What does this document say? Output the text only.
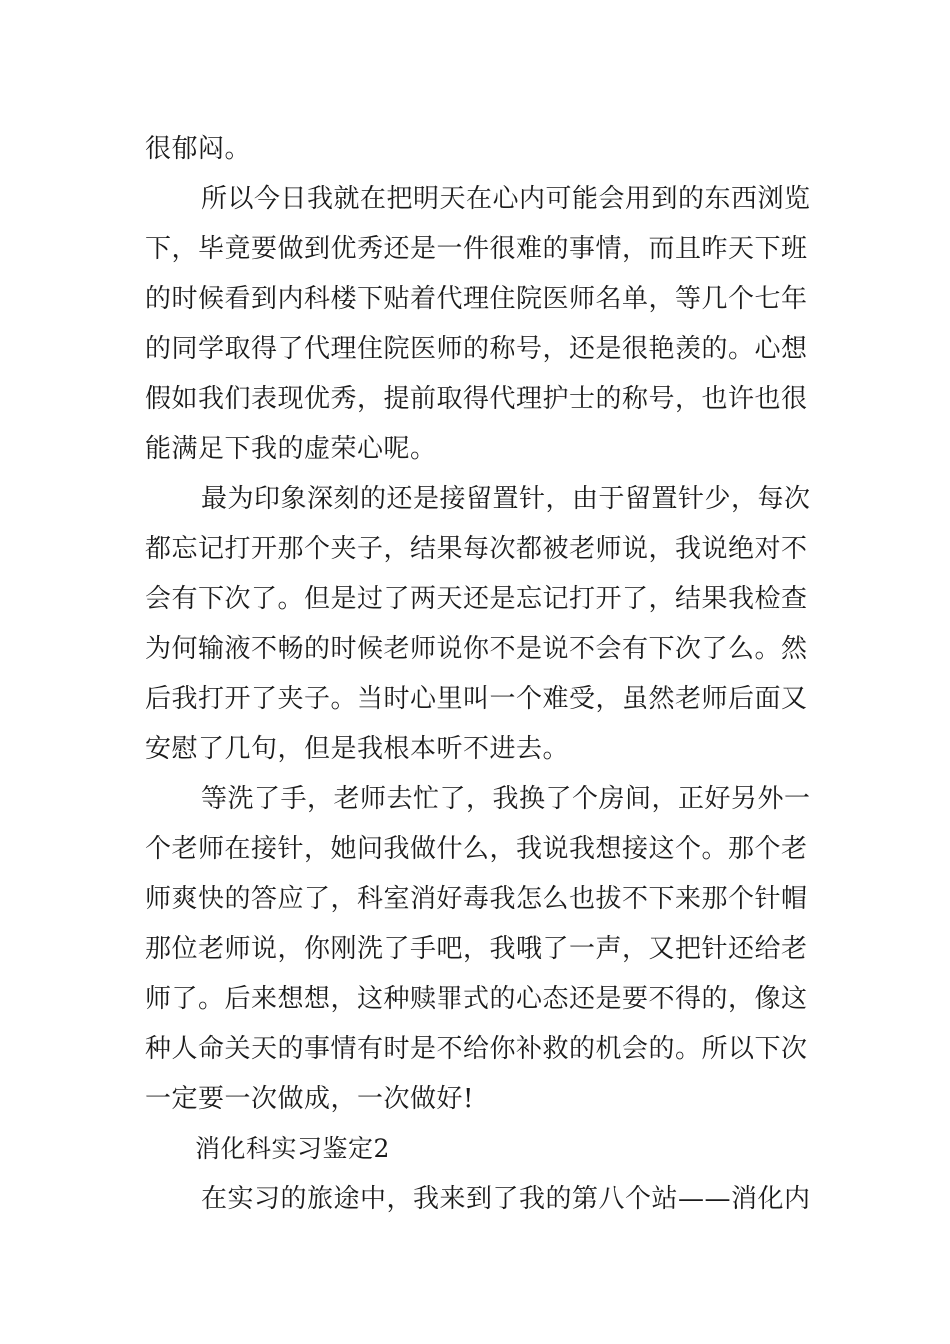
很郁闷。

所以今日我就在把明天在心内可能会用到的东西浏览
下，毕竟要做到优秀还是一件很难的事情，而且昨天下班
的时候看到内科楼下贴着代理住院医师名单，等几个七年
的同学取得了代理住院医师的称号，还是很艳羡的。心想
假如我们表现优秀，提前取得代理护士的称号，也许也很
能满足下我的虚荣心呢。

最为印象深刻的还是接留置针，由于留置针少，每次
都忘记打开那个夹子，结果每次都被老师说，我说绝对不
会有下次了。但是过了两天还是忘记打开了，结果我检查
为何输液不畅的时候老师说你不是说不会有下次了么。然
后我打开了夹子。当时心里叫一个难受，虽然老师后面又
安慰了几句，但是我根本听不进去。

等洗了手，老师去忙了，我换了个房间，正好另外一
个老师在接针，她问我做什么，我说我想接这个。那个老
师爽快的答应了，科室消好毒我怎么也拔不下来那个针帽
那位老师说，你刚洗了手吧，我哦了一声，又把针还给老
师了。后来想想，这种赎罪式的心态还是要不得的，像这
种人命关天的事情有时是不给你补救的机会的。所以下次
一定要一次做成，一次做好!

消化科实习鉴定2

在实习的旅途中，我来到了我的第八个站——消化内
